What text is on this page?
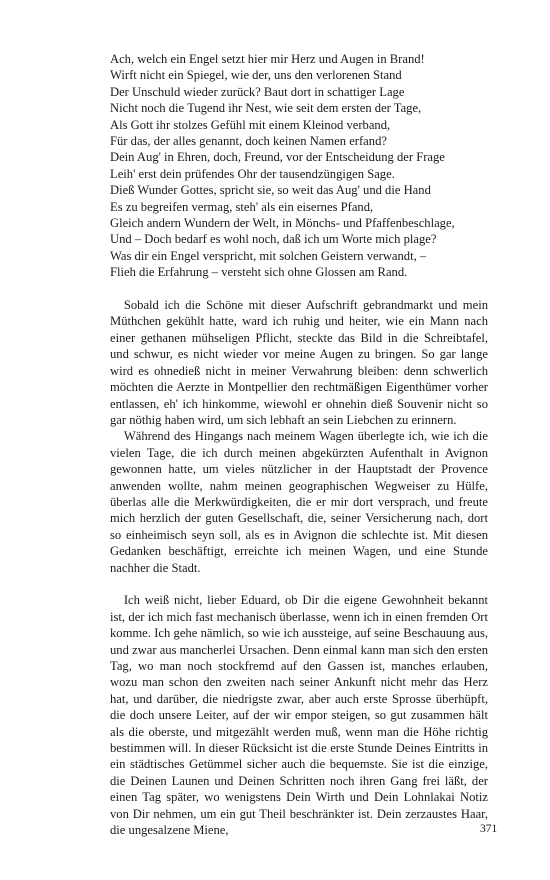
Ach, welch ein Engel setzt hier mir Herz und Augen in Brand!
Wirft nicht ein Spiegel, wie der, uns den verlorenen Stand
Der Unschuld wieder zurück? Baut dort in schattiger Lage
Nicht noch die Tugend ihr Nest, wie seit dem ersten der Tage,
Als Gott ihr stolzes Gefühl mit einem Kleinod verband,
Für das, der alles genannt, doch keinen Namen erfand?
Dein Aug' in Ehren, doch, Freund, vor der Entscheidung der Frage
Leih' erst dein prüfendes Ohr der tausendzüngigen Sage.
Dieß Wunder Gottes, spricht sie, so weit das Aug' und die Hand
Es zu begreifen vermag, steh' als ein eisernes Pfand,
Gleich andern Wundern der Welt, in Mönchs- und Pfaffenbeschlage,
Und – Doch bedarf es wohl noch, daß ich um Worte mich plage?
Was dir ein Engel verspricht, mit solchen Geistern verwandt, –
Flieh die Erfahrung – versteht sich ohne Glossen am Rand.

Sobald ich die Schöne mit dieser Aufschrift gebrandmarkt und mein Müthchen gekühlt hatte, ward ich ruhig und heiter, wie ein Mann nach einer gethanen mühseligen Pflicht, steckte das Bild in die Schreibtafel, und schwur, es nicht wieder vor meine Augen zu bringen. So gar lange wird es ohnedieß nicht in meiner Verwahrung bleiben: denn schwerlich möchten die Aerzte in Montpellier den rechtmäßigen Eigenthümer vorher entlassen, eh' ich hinkomme, wiewohl er ohnehin dieß Souvenir nicht so gar nöthig haben wird, um sich lebhaft an sein Liebchen zu erinnern.

Während des Hingangs nach meinem Wagen überlegte ich, wie ich die vielen Tage, die ich durch meinen abgekürzten Aufenthalt in Avignon gewonnen hatte, um vieles nützlicher in der Hauptstadt der Provence anwenden wollte, nahm meinen geographischen Wegweiser zu Hülfe, überlas alle die Merkwürdigkeiten, die er mir dort versprach, und freute mich herzlich der guten Gesellschaft, die, seiner Versicherung nach, dort so einheimisch seyn soll, als es in Avignon die schlechte ist. Mit diesen Gedanken beschäftigt, erreichte ich meinen Wagen, und eine Stunde nachher die Stadt.

Ich weiß nicht, lieber Eduard, ob Dir die eigene Gewohnheit bekannt ist, der ich mich fast mechanisch überlasse, wenn ich in einen fremden Ort komme. Ich gehe nämlich, so wie ich aussteige, auf seine Beschauung aus, und zwar aus mancherlei Ursachen. Denn einmal kann man sich den ersten Tag, wo man noch stockfremd auf den Gassen ist, manches erlauben, wozu man schon den zweiten nach seiner Ankunft nicht mehr das Herz hat, und darüber, die niedrigste zwar, aber auch erste Sprosse überhüpft, die doch unsere Leiter, auf der wir empor steigen, so gut zusammen hält als die oberste, und mitgezählt werden muß, wenn man die Höhe richtig bestimmen will. In dieser Rücksicht ist die erste Stunde Deines Eintritts in ein städtisches Getümmel sicher auch die bequemste. Sie ist die einzige, die Deinen Launen und Deinen Schritten noch ihren Gang frei läßt, der einen Tag später, wo wenigstens Dein Wirth und Dein Lohnlakai Notiz von Dir nehmen, um ein gut Theil beschränkter ist. Dein zerzaustes Haar, die ungesalzene Miene,	371
